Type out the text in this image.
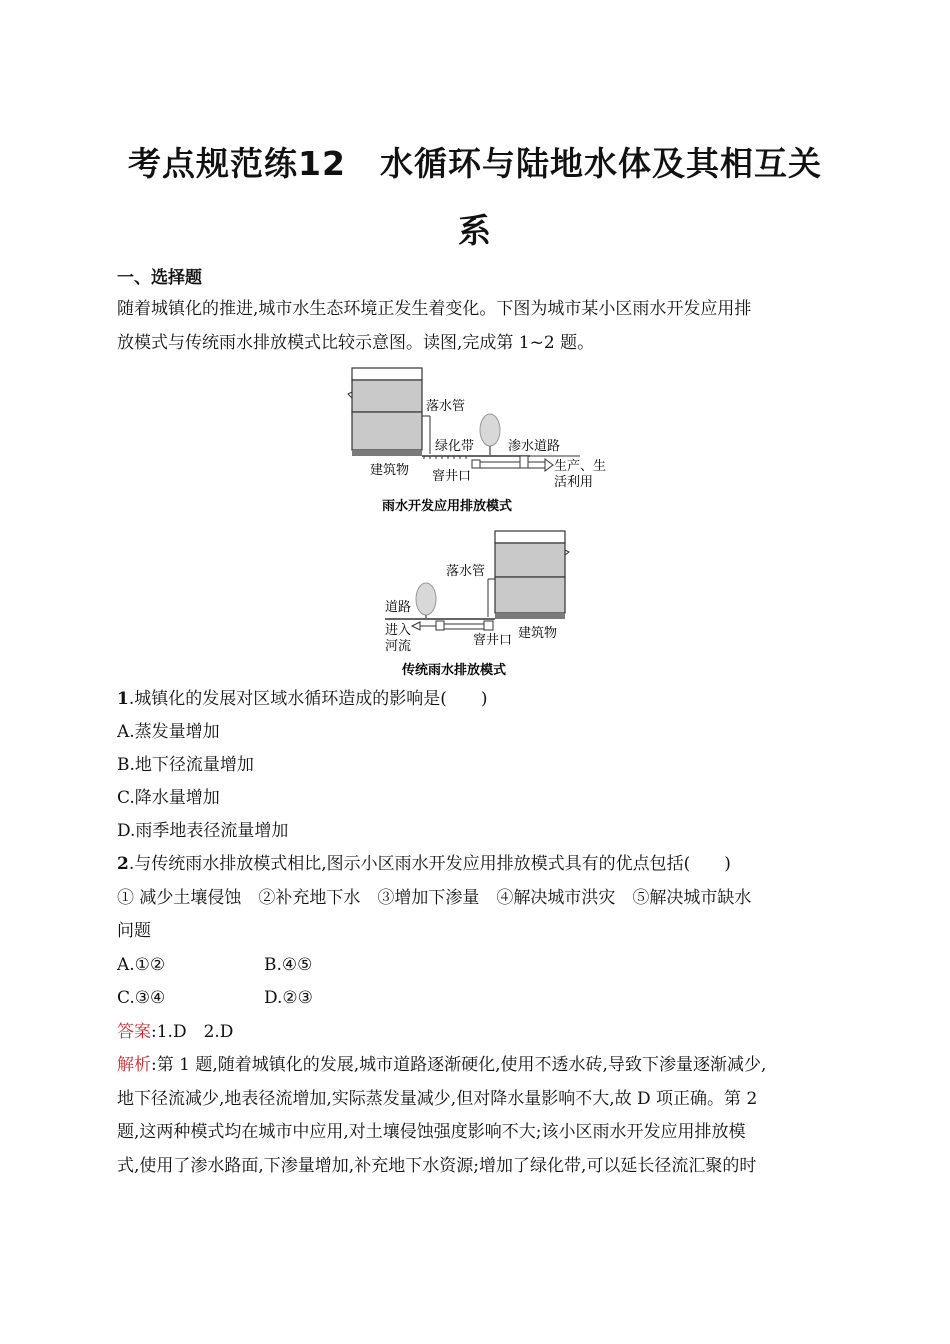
考点规范练12　水循环与陆地水体及其相互关
系
一、选择题
随着城镇化的推进,城市水生态环境正发生着变化。下图为城市某小区雨水开发应用排
放模式与传统雨水排放模式比较示意图。读图,完成第 1~2 题。
落水管
绿化带	渗水道路
建筑物 窨井口
生产、生
活利用
雨水开发应用排放模式
落水管
道路
进入
河流	窨井口 建筑物
传统雨水排放模式
1.城镇化的发展对区域水循环造成的影响是(　　)
A.蒸发量增加
B.地下径流量增加
C.降水量增加
D.雨季地表径流量增加
2.与传统雨水排放模式相比,图示小区雨水开发应用排放模式具有的优点包括(　　)
① 减少土壤侵蚀　②补充地下水　③增加下渗量　④解决城市洪灾　⑤解决城市缺水
问题
A.①②	B.④⑤
C.③④	D.②③
答案:1.D　2.D
解析:第 1 题,随着城镇化的发展,城市道路逐渐硬化,使用不透水砖,导致下渗量逐渐减少,
地下径流减少,地表径流增加,实际蒸发量减少,但对降水量影响不大,故 D 项正确。第 2
题,这两种模式均在城市中应用,对土壤侵蚀强度影响不大;该小区雨水开发应用排放模
式,使用了渗水路面,下渗量增加,补充地下水资源;增加了绿化带,可以延长径流汇聚的时
